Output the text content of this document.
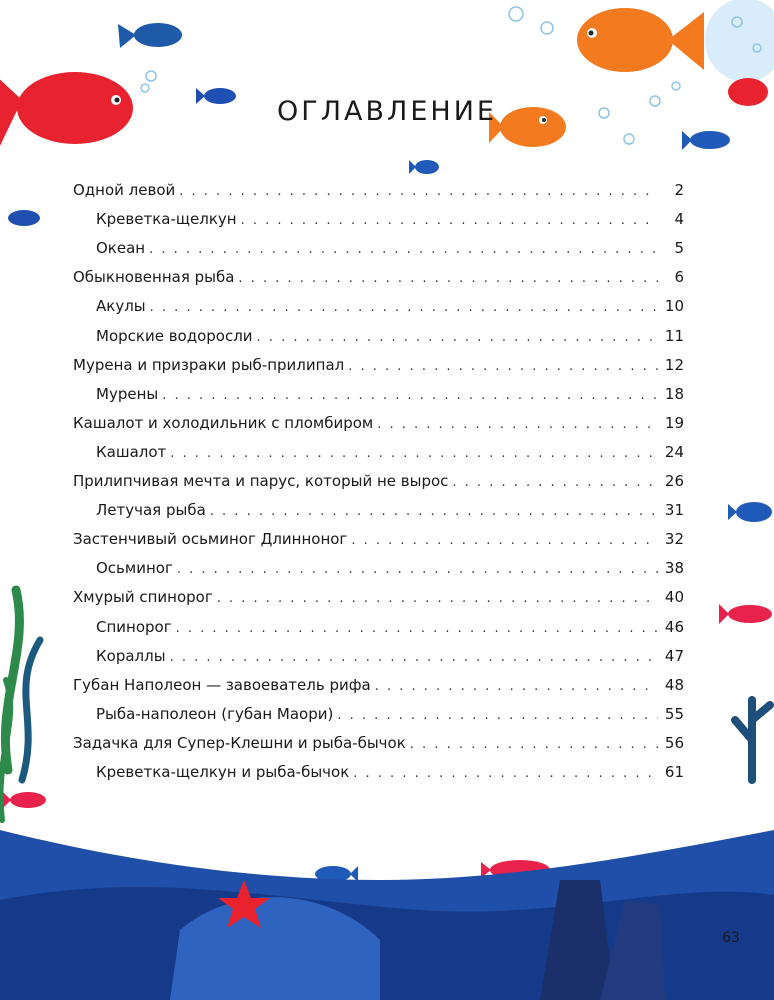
ОГЛАВЛЕНИЕ
Одной левой . . .	2
Креветка-щелкун . . .	4
Океан . . .	5
Обыкновенная рыба . . .	6
Акулы . . .	10
Морские водоросли . . .	11
Мурена и призраки рыб-прилипал . . .	12
Мурены . . .	18
Кашалот и холодильник с пломбиром . . .	19
Кашалот . . .	24
Прилипчивая мечта и парус, который не вырос . . .	26
Летучая рыба . . .	31
Застенчивый осьминог Длинноног . . .	32
Осьминог . . .	38
Хмурый спинорог . . .	40
Спинорог . . .	46
Кораллы . . .	47
Губан Наполеон — завоеватель рифа . . .	48
Рыба-наполеон (губан Маори) . . .	55
Задачка для Супер-Клешни и рыба-бычок . . .	56
Креветка-щелкун и рыба-бычок . . .	61
63
